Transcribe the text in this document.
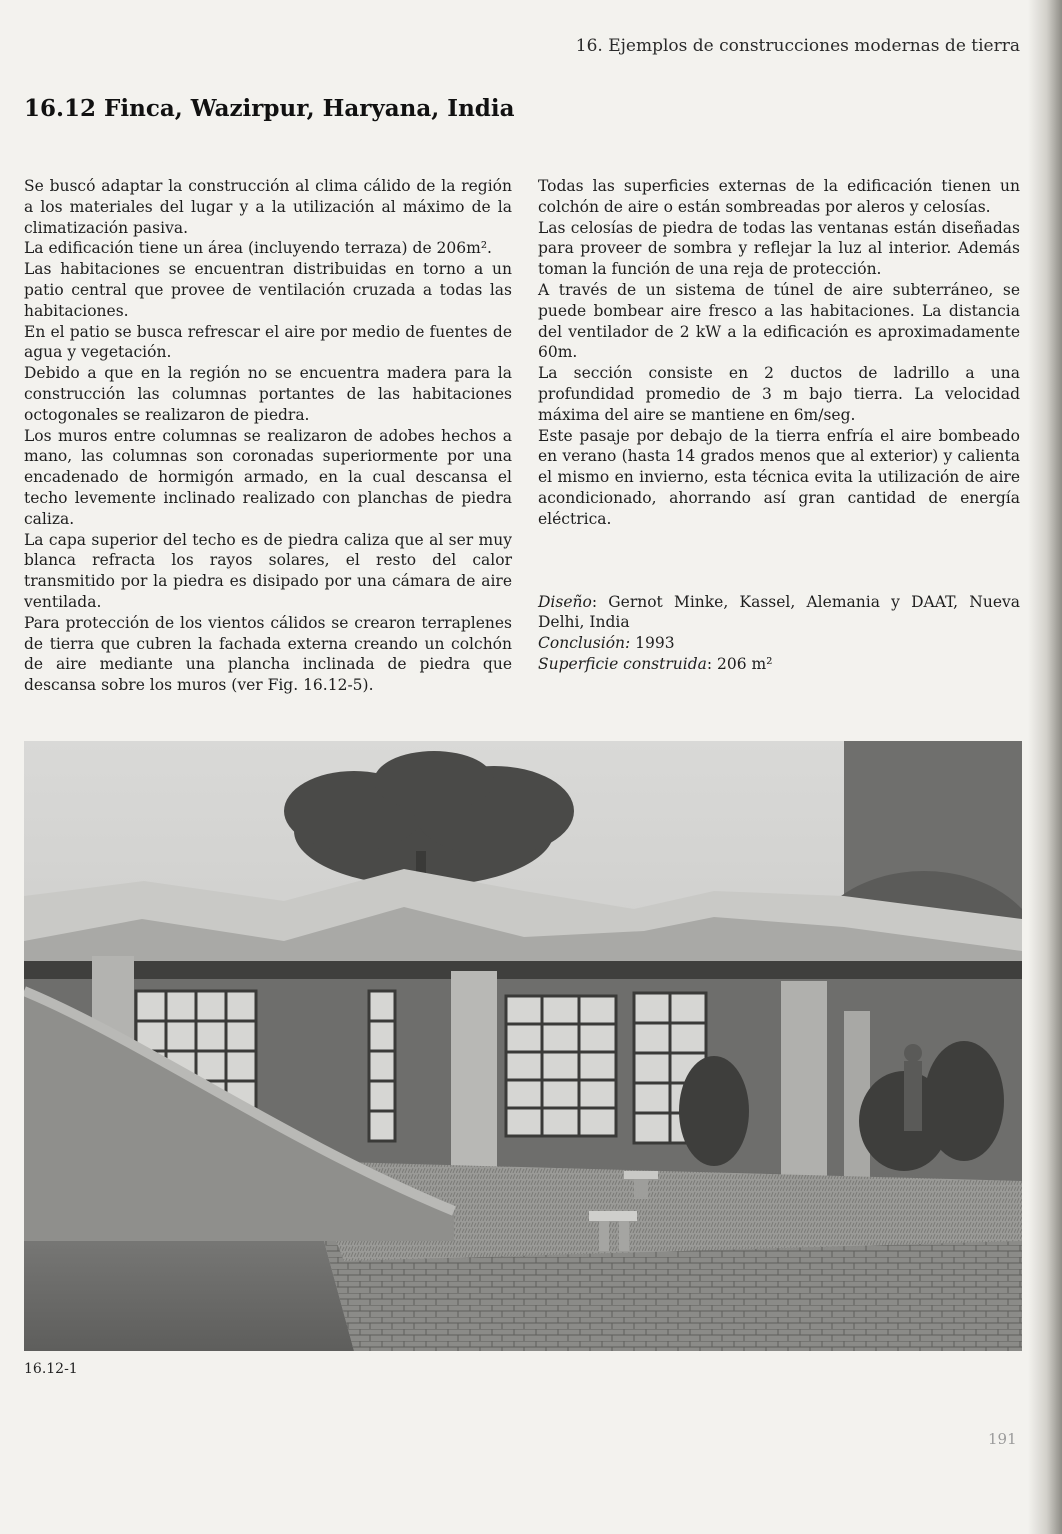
16. Ejemplos de construcciones modernas de tierra
16.12 Finca, Wazirpur, Haryana, India

Se buscó adaptar la construcción al clima cálido de la región a los materiales del lugar y a la utilización al máximo de la climatización pasiva.

La edificación tiene un área (incluyendo terraza) de 206m².

Las habitaciones se encuentran distribuidas en torno a un patio central que provee de ventilación cruzada a todas las habitaciones.

En el patio se busca refrescar el aire por medio de fuentes de agua y vegetación.

Debido a que en la región no se encuentra madera para la construcción las columnas portantes de las habitaciones octogonales se realizaron de piedra.

Los muros entre columnas se realizaron de adobes hechos a mano, las columnas son coronadas superiormente por una encadenado de hormigón armado, en la cual descansa el techo levemente inclinado realizado con planchas de piedra caliza.

La capa superior del techo es de piedra caliza que al ser muy blanca refracta los rayos solares, el resto del calor transmitido por la piedra es disipado por una cámara de aire ventilada.

Para protección de los vientos cálidos se crearon terraplenes de tierra que cubren la fachada externa creando un colchón de aire mediante una plancha inclinada de piedra que descansa sobre los muros (ver Fig. 16.12-5).

Todas las superficies externas de la edificación tienen un colchón de aire o están sombreadas por aleros y celosías.

Las celosías de piedra de todas las ventanas están diseñadas para proveer de sombra y reflejar la luz al interior. Además toman la función de una reja de protección.

A través de un sistema de túnel de aire subterráneo, se puede bombear aire fresco a las habitaciones. La distancia del ventilador de 2 kW a la edificación es aproximadamente 60m.

La sección consiste en 2 ductos de ladrillo a una profundidad promedio de 3 m bajo tierra. La velocidad máxima del aire se mantiene en 6m/seg.

Este pasaje por debajo de la tierra enfría el aire bombeado en verano (hasta 14 grados menos que al exterior) y calienta el mismo en invierno, esta técnica evita la utilización de aire acondicionado, ahorrando así gran cantidad de energía eléctrica.

Diseño: Gernot Minke, Kassel, Alemania y DAAT, Nueva Delhi, India
Conclusión: 1993
Superficie construida: 206 m²
16.12-1
191
